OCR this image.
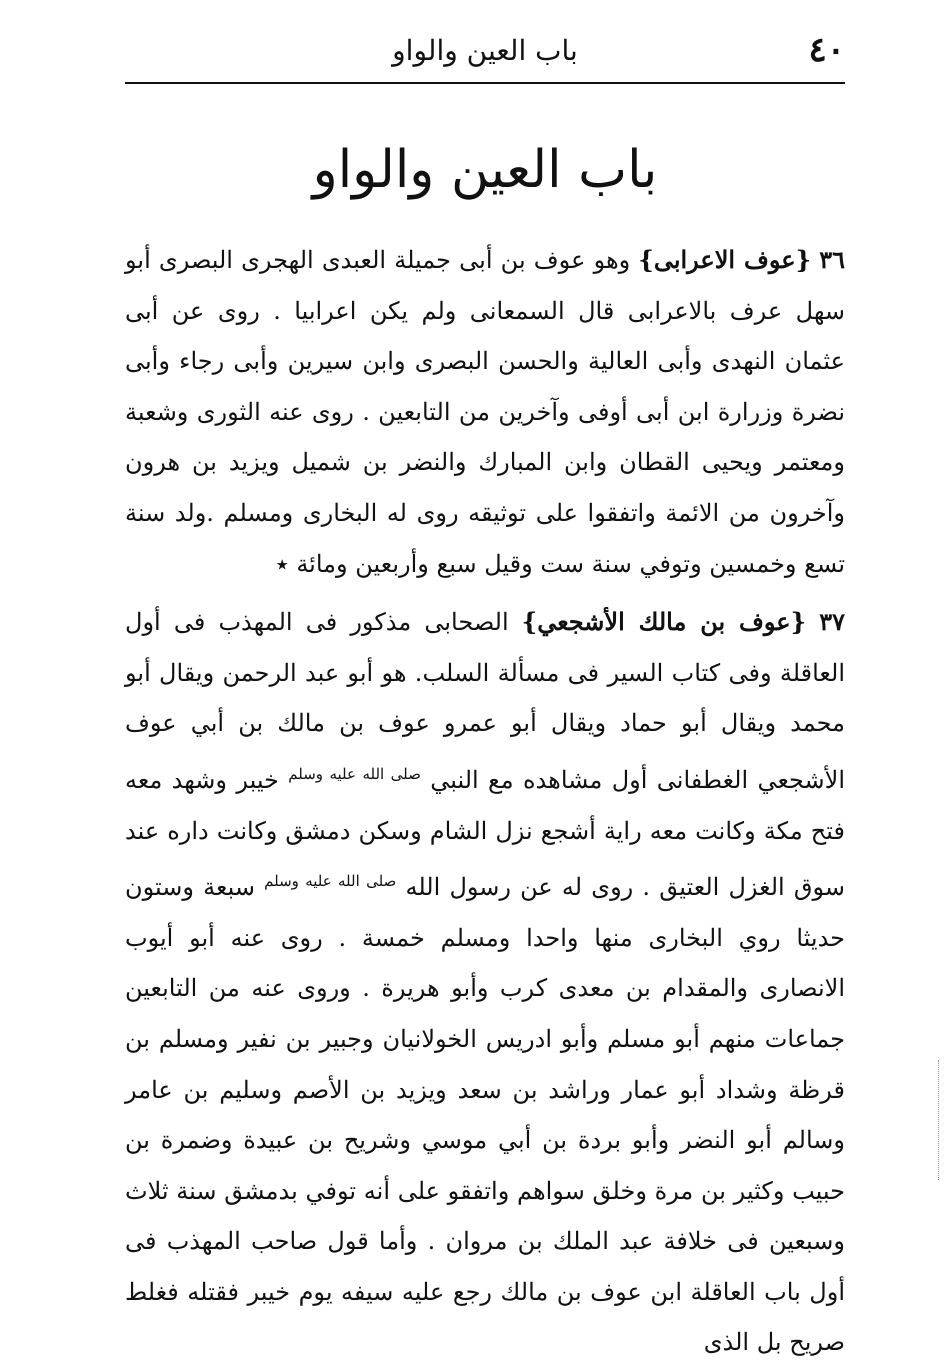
٤٠
باب العين والواو
باب العين والواو

٣٦ {عوف الاعرابى} وهو عوف بن أبى جميلة العبدى الهجرى البصرى أبو سهل عرف بالاعرابى قال السمعانى ولم يكن اعرابيا . روى عن أبى عثمان النهدى وأبى العالية والحسن البصرى وابن سيرين وأبى رجاء وأبى نضرة وزرارة ابن أبى أوفى وآخرين من التابعين . روى عنه الثورى وشعبة ومعتمر ويحيى القطان وابن المبارك والنضر بن شميل ويزيد بن هرون وآخرون من الائمة واتفقوا على توثيقه روى له البخارى ومسلم .ولد سنة تسع وخمسين وتوفي سنة ست وقيل سبع وأربعين ومائة ٭

٣٧ {عوف بن مالك الأشجعي} الصحابى مذكور فى المهذب فى أول العاقلة وفى كتاب السير فى مسألة السلب. هو أبو عبد الرحمن ويقال أبو محمد ويقال أبو حماد ويقال أبو عمرو عوف بن مالك بن أبي عوف الأشجعي الغطفانى أول مشاهده مع النبي $^{صلى الله عليه وسلم}$ خيبر وشهد معه فتح مكة وكانت معه راية أشجع نزل الشام وسكن دمشق وكانت داره عند سوق الغزل العتيق . روى له عن رسول الله $^{صلى الله عليه وسلم}$ سبعة وستون حديثا روي البخارى منها واحدا ومسلم خمسة . روى عنه أبو أيوب الانصارى والمقدام بن معدى كرب وأبو هريرة . وروى عنه من التابعين جماعات منهم أبو مسلم وأبو ادريس الخولانيان وجبير بن نفير ومسلم بن قرظة وشداد أبو عمار وراشد بن سعد ويزيد بن الأصم وسليم بن عامر وسالم أبو النضر وأبو بردة بن أبي موسي وشريح بن عبيدة وضمرة بن حبيب وكثير بن مرة وخلق سواهم واتفقو على أنه توفي بدمشق سنة ثلاث وسبعين فى خلافة عبد الملك بن مروان . وأما قول صاحب المهذب فى أول باب العاقلة ابن عوف بن مالك رجع عليه سيفه يوم خيبر فقتله فغلط صريح بل الذى
